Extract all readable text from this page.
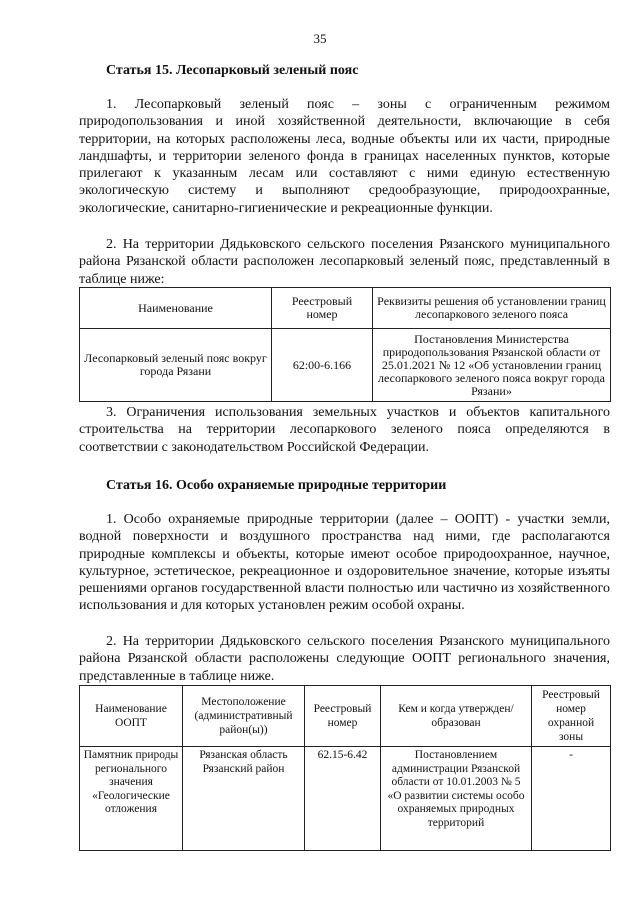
35
Статья 15. Лесопарковый зеленый пояс

1. Лесопарковый зеленый пояс – зоны с ограниченным режимом природопользования и иной хозяйственной деятельности, включающие в себя территории, на которых расположены леса, водные объекты или их части, природные ландшафты, и территории зеленого фонда в границах населенных пунктов, которые прилегают к указанным лесам или составляют с ними единую естественную экологическую систему и выполняют средообразующие, природоохранные, экологические, санитарно-гигиенические и рекреационные функции.

2. На территории Дядьковского сельского поселения Рязанского муниципального района Рязанской области расположен лесопарковый зеленый пояс, представленный в таблице ниже:

Наименование	Реестровый номер	Реквизиты решения об установлении границ лесопаркового зеленого пояса
Лесопарковый зеленый пояс вокруг города Рязани	62:00-6.166	Постановления Министерства природопользования Рязанской области от 25.01.2021 № 12 «Об установлении границ лесопаркового зеленого пояса вокруг города Рязани»

3. Ограничения использования земельных участков и объектов капитального строительства на территории лесопаркового зеленого пояса определяются в соответствии с законодательством Российской Федерации.

Статья 16. Особо охраняемые природные территории

1. Особо охраняемые природные территории (далее – ООПТ) - участки земли, водной поверхности и воздушного пространства над ними, где располагаются природные комплексы и объекты, которые имеют особое природоохранное, научное, культурное, эстетическое, рекреационное и оздоровительное значение, которые изъяты решениями органов государственной власти полностью или частично из хозяйственного использования и для которых установлен режим особой охраны.

2. На территории Дядьковского сельского поселения Рязанского муниципального района Рязанской области расположены следующие ООПТ регионального значения, представленные в таблице ниже.

Наименование ООПТ	Местоположение (административный район(ы))	Реестровый номер	Кем и когда утвержден/ образован	Реестровый номер охранной зоны
Памятник природы регионального значения «Геологические отложения	Рязанская область Рязанский район	62.15-6.42	Постановлением администрации Рязанской области от 10.01.2003 № 5 «О развитии системы особо охраняемых природных территорий	-
